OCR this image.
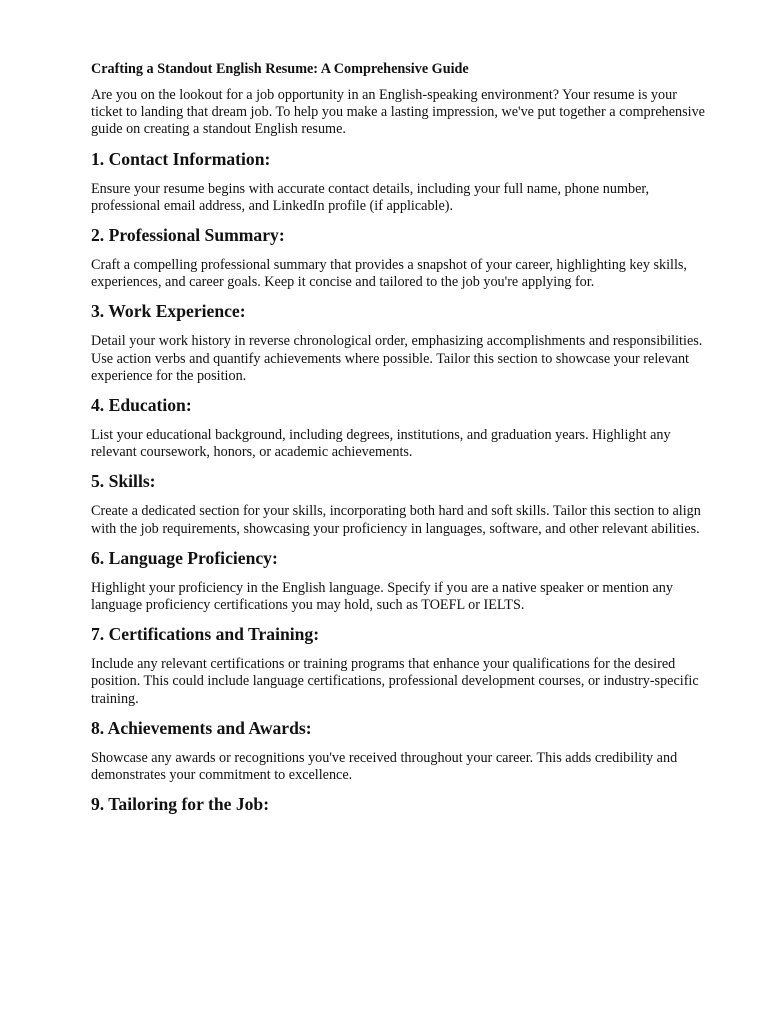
Crafting a Standout English Resume: A Comprehensive Guide

Are you on the lookout for a job opportunity in an English-speaking environment? Your resume is your ticket to landing that dream job. To help you make a lasting impression, we've put together a comprehensive guide on creating a standout English resume.

1. Contact Information:

Ensure your resume begins with accurate contact details, including your full name, phone number, professional email address, and LinkedIn profile (if applicable).

2. Professional Summary:

Craft a compelling professional summary that provides a snapshot of your career, highlighting key skills, experiences, and career goals. Keep it concise and tailored to the job you're applying for.

3. Work Experience:

Detail your work history in reverse chronological order, emphasizing accomplishments and responsibilities. Use action verbs and quantify achievements where possible. Tailor this section to showcase your relevant experience for the position.

4. Education:

List your educational background, including degrees, institutions, and graduation years. Highlight any relevant coursework, honors, or academic achievements.

5. Skills:

Create a dedicated section for your skills, incorporating both hard and soft skills. Tailor this section to align with the job requirements, showcasing your proficiency in languages, software, and other relevant abilities.

6. Language Proficiency:

Highlight your proficiency in the English language. Specify if you are a native speaker or mention any language proficiency certifications you may hold, such as TOEFL or IELTS.

7. Certifications and Training:

Include any relevant certifications or training programs that enhance your qualifications for the desired position. This could include language certifications, professional development courses, or industry-specific training.

8. Achievements and Awards:

Showcase any awards or recognitions you've received throughout your career. This adds credibility and demonstrates your commitment to excellence.

9. Tailoring for the Job:
